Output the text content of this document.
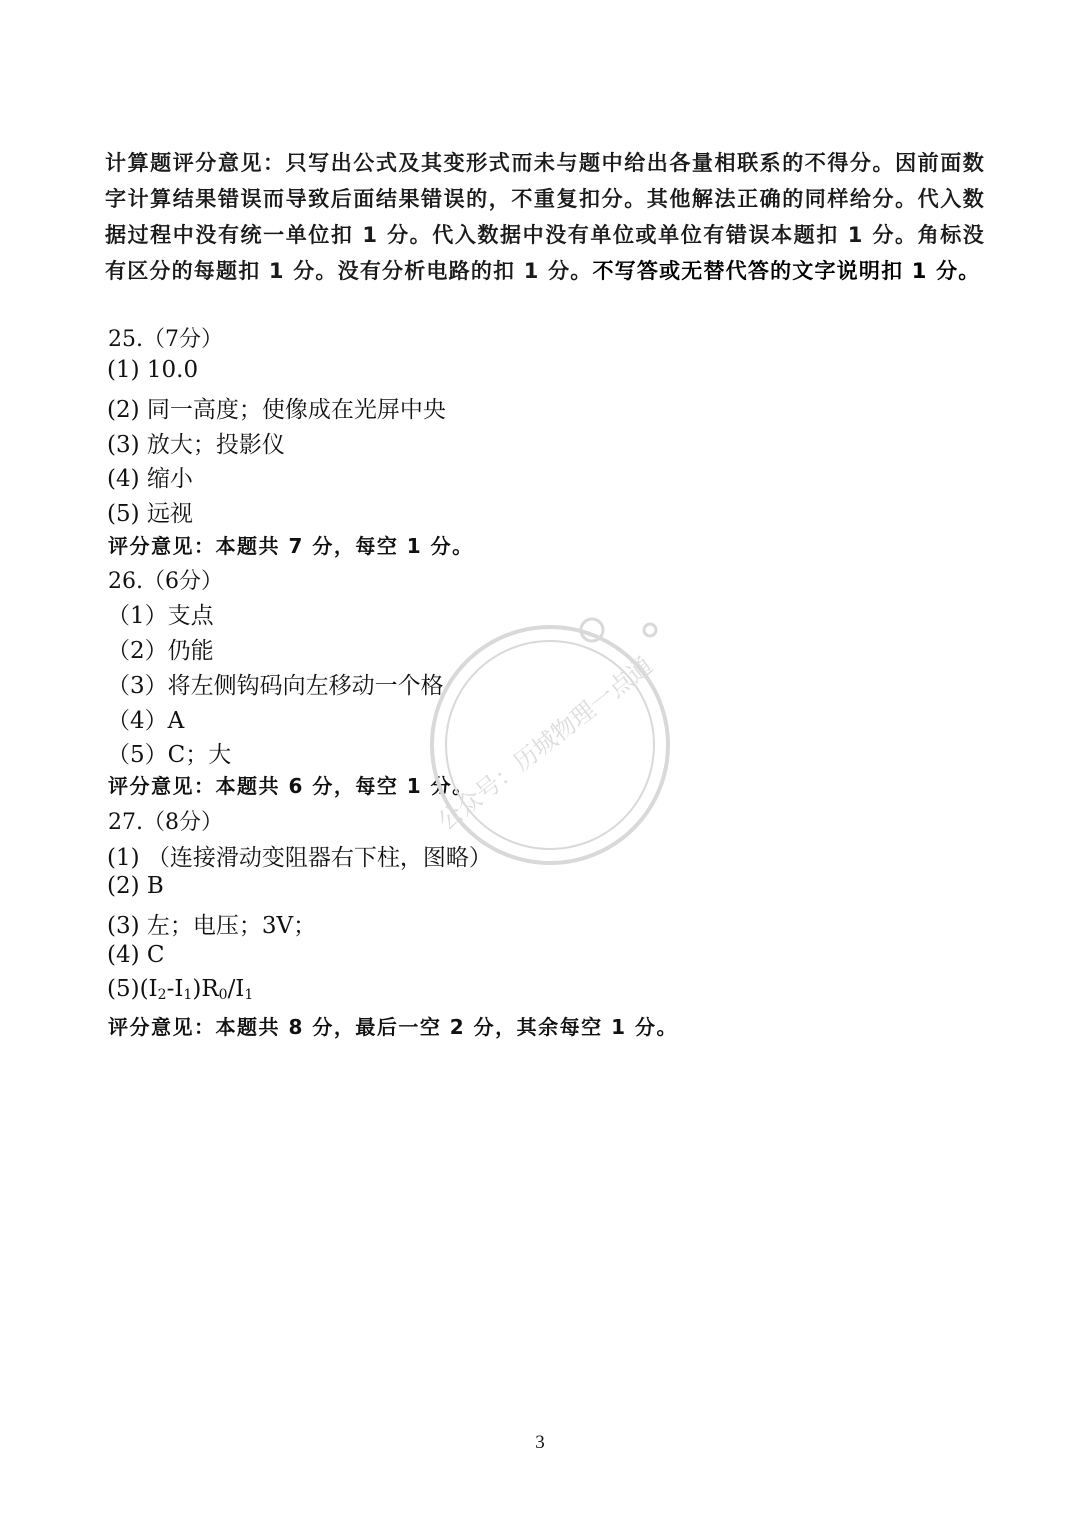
计算题评分意见：只写出公式及其变形式而未与题中给出各量相联系的不得分。因前面数字计算结果错误而导致后面结果错误的，不重复扣分。其他解法正确的同样给分。代入数据过程中没有统一单位扣 1 分。代入数据中没有单位或单位有错误本题扣 1 分。角标没有区分的每题扣 1 分。没有分析电路的扣 1 分。不写答或无替代答的文字说明扣 1 分。
25.（7分）
(1) 10.0
(2) 同一高度；使像成在光屏中央
(3) 放大；投影仪
(4) 缩小
(5) 远视
评分意见：本题共 7 分，每空 1 分。
26.（6分）
（1）支点
（2）仍能
（3）将左侧钩码向左移动一个格
（4）A
（5）C；大
评分意见：本题共 6 分，每空 1 分。
27.（8分）
(1) （连接滑动变阻器右下柱，图略）
(2) B
(3) 左；电压；3V；
(4) C
$(5)(I_2-I_1)R_0/I_1$
评分意见：本题共 8 分，最后一空 2 分，其余每空 1 分。
公众号：历城物理一点通
3
